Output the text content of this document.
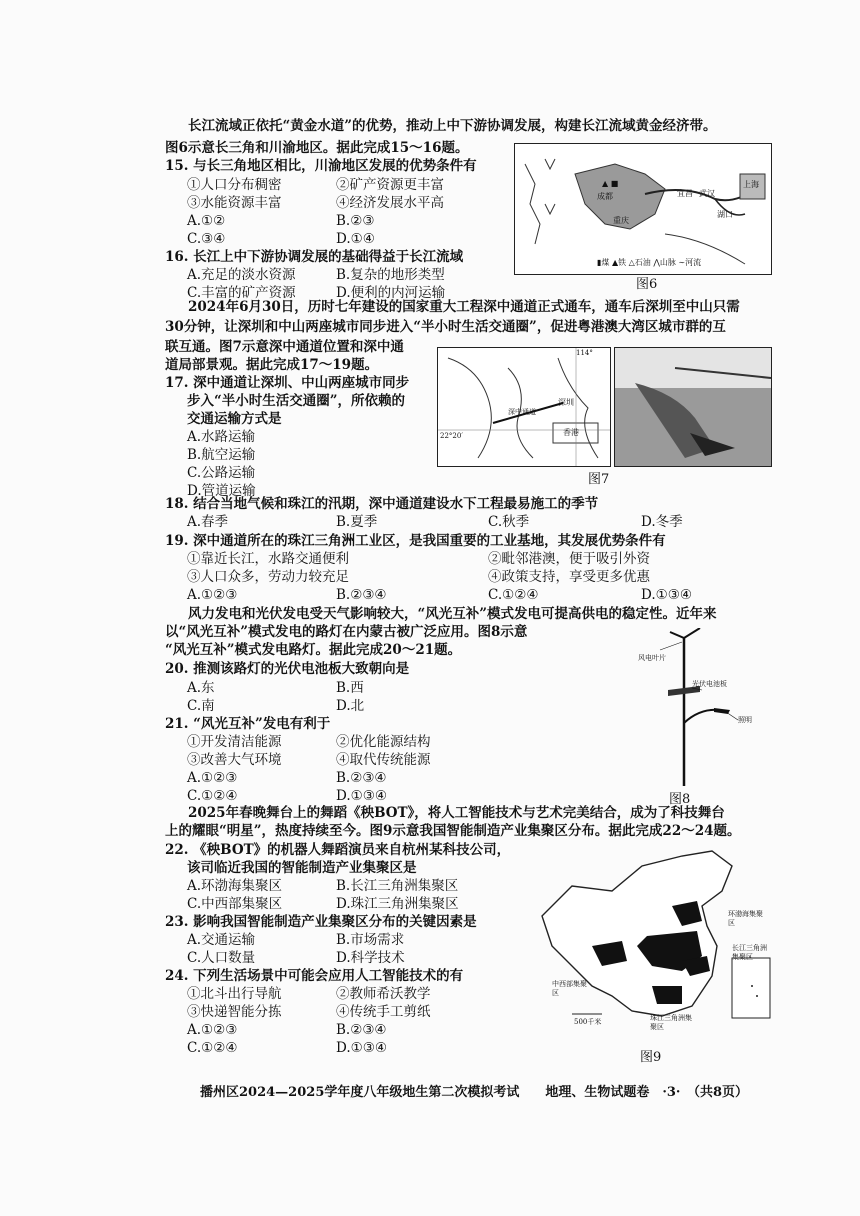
长江流域正依托“黄金水道”的优势，推动上中下游协调发展，构建长江流域黄金经济带。
图6示意长三角和川渝地区。据此完成15～16题。
15. 与长三角地区相比，川渝地区发展的优势条件有
①人口分布稠密	②矿产资源更丰富
③水能资源丰富	④经济发展水平高
A.①②	B.②③
C.③④	D.①④
16. 长江上中下游协调发展的基础得益于长江流域
A.充足的淡水资源	B.复杂的地形类型
C.丰富的矿产资源	D.便利的内河运输
▲ ■
成都
重庆
宜昌 武汉
湖口
上海
▮煤 ▲铁 △石油 ⋀山脉 ∼河流
图6
2024年6月30日，历时七年建设的国家重大工程深中通道正式通车，通车后深圳至中山只需
30分钟，让深圳和中山两座城市同步进入“半小时生活交通圈”，促进粤港澳大湾区城市群的互
联互通。图7示意深中通道位置和深中通
道局部景观。据此完成17～19题。
17. 深中通道让深圳、中山两座城市同步
步入“半小时生活交通圈”，所依赖的
交通运输方式是
A.水路运输
B.航空运输
C.公路运输
D.管道运输
114°
22°20′
深圳
深中通道
香港
图7
18. 结合当地气候和珠江的汛期，深中通道建设水下工程最易施工的季节
A.春季	B.夏季	C.秋季	D.冬季
19. 深中通道所在的珠江三角洲工业区，是我国重要的工业基地，其发展优势条件有
①靠近长江，水路交通便利	②毗邻港澳，便于吸引外资
③人口众多，劳动力较充足	④政策支持，享受更多优惠
A.①②③	B.②③④	C.①②④	D.①③④
风力发电和光伏发电受天气影响较大，“风光互补”模式发电可提高供电的稳定性。近年来
以“风光互补”模式发电的路灯在内蒙古被广泛应用。图8示意
“风光互补”模式发电路灯。据此完成20～21题。
20. 推测该路灯的光伏电池板大致朝向是
A.东	B.西
C.南	D.北
21. “风光互补”发电有利于
①开发清洁能源	②优化能源结构
③改善大气环境	④取代传统能源
A.①②③	B.②③④
C.①②④	D.①③④
风电叶片
光伏电池板
照明
图8
2025年春晚舞台上的舞蹈《秧BOT》，将人工智能技术与艺术完美结合，成为了科技舞台
上的耀眼“明星”，热度持续至今。图9示意我国智能制造产业集聚区分布。据此完成22～24题。
22. 《秧BOT》的机器人舞蹈演员来自杭州某科技公司，
该司临近我国的智能制造产业集聚区是
A.环渤海集聚区	B.长江三角洲集聚区
C.中西部集聚区	D.珠江三角洲集聚区
23. 影响我国智能制造产业集聚区分布的关键因素是
A.交通运输	B.市场需求
C.人口数量	D.科学技术
24. 下列生活场景中可能会应用人工智能技术的有
①北斗出行导航	②教师希沃教学
③快递智能分拣	④传统手工剪纸
A.①②③	B.②③④
C.①②④	D.①③④
环渤海集聚区
长江三角洲集聚区
中西部集聚区
珠江三角洲集聚区
500千米
图9
播州区2024—2025学年度八年级地生第二次模拟考试　　地理、生物试题卷　·3·　（共8页）
